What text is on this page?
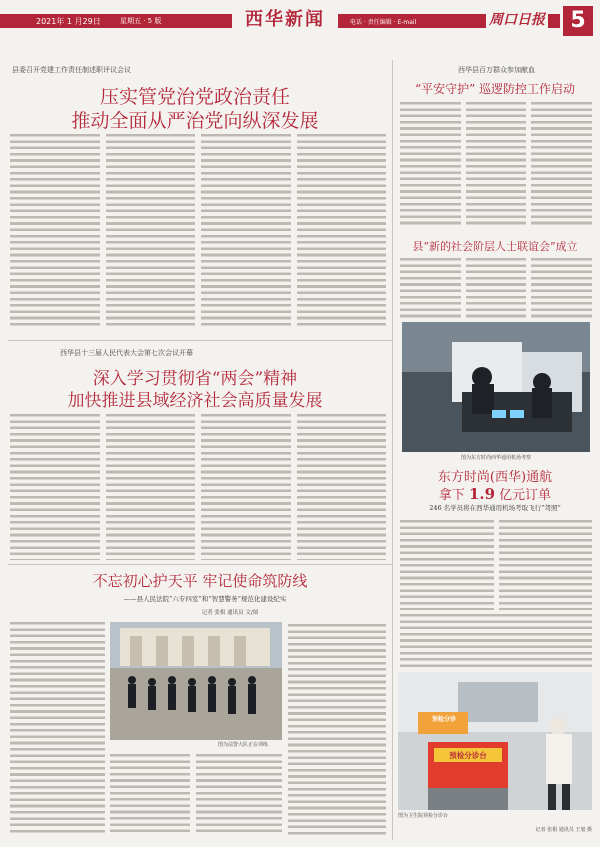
2021年 1 月29日	星期五 · 5 版	西华新闻	电话 · 责任编辑 · E-mail	周口日报	5
县委召开党建工作责任制述职评议会议
压实管党治党政治责任
推动全面从严治党向纵深发展
西华县百万群众参加献血
“平安守护” 巡逻防控工作启动
县“新的社会阶层人士联谊会”成立
西华县十三届人民代表大会第七次会议开幕
深入学习贯彻省“两会”精神
加快推进县域经济社会高质量发展
图为东方时尚西华通用机场考察
东方时尚(西华)通航
拿下 1.9 亿元订单
246 名学员将在西华通用机场考取飞行“驾照”
不忘初心护天平 牢记使命筑防线
——县人民法院“六专四室”和“智慧警务”规范化建设纪实
记者 张根 通讯员 文/图
图为法警大队正在训练
预检分诊
预检分诊台
图为卫生院预检分诊台
记者 张根 通讯员 王旭 摄
